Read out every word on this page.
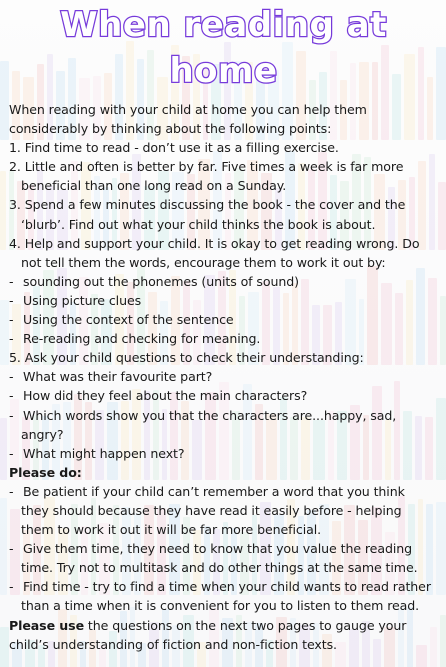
When reading at
home
When reading with your child at home you can help them
considerably by thinking about the following points:
1. Find time to read - don’t use it as a filling exercise.
2. Little and often is better by far. Five times a week is far more
beneficial than one long read on a Sunday.
3. Spend a few minutes discussing the book - the cover and the
‘blurb’. Find out what your child thinks the book is about.
4. Help and support your child. It is okay to get reading wrong. Do
not tell them the words, encourage them to work it out by:
- sounding out the phonemes (units of sound)
- Using picture clues
- Using the context of the sentence
- Re-reading and checking for meaning.
5. Ask your child questions to check their understanding:
- What was their favourite part?
- How did they feel about the main characters?
- Which words show you that the characters are...happy, sad,
angry?
- What might happen next?
Please do:
- Be patient if your child can’t remember a word that you think
they should because they have read it easily before - helping
them to work it out it will be far more beneficial.
- Give them time, they need to know that you value the reading
time. Try not to multitask and do other things at the same time.
- Find time - try to find a time when your child wants to read rather
than a time when it is convenient for you to listen to them read.
Please use the questions on the next two pages to gauge your
child’s understanding of fiction and non-fiction texts.
